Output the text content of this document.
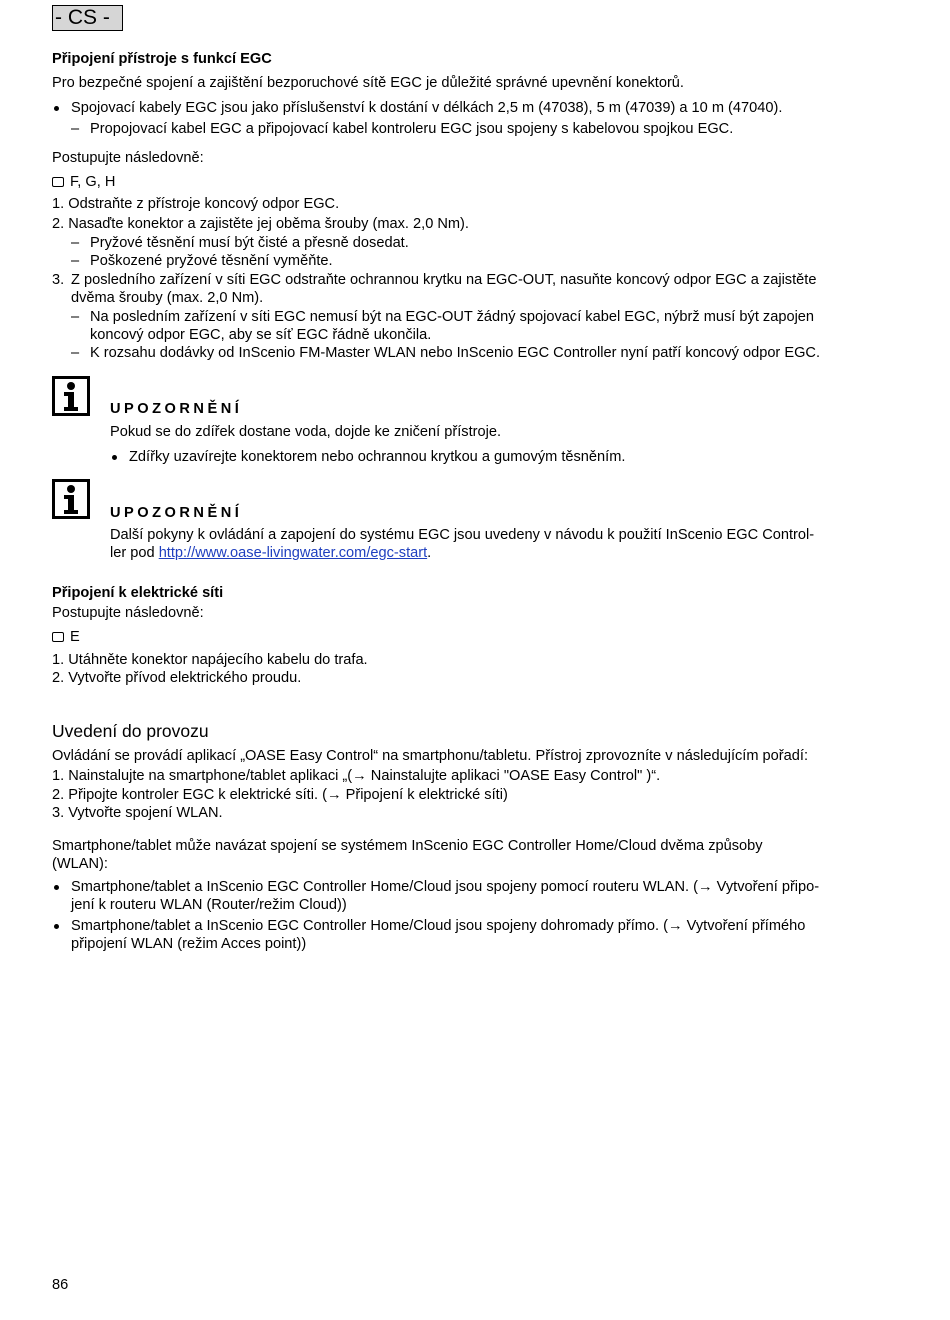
- CS -
Připojení přístroje s funkcí EGC
Pro bezpečné spojení a zajištění bezporuchové sítě EGC je důležité správné upevnění konektorů.
Spojovací kabely EGC jsou jako příslušenství k dostání v délkách 2,5 m (47038), 5 m (47039) a 10 m (47040).
– Propojovací kabel EGC a připojovací kabel kontroleru EGC jsou spojeny s kabelovou spojkou EGC.
Postupujte následovně:
F, G, H
1. Odstraňte z přístroje koncový odpor EGC.
2. Nasaďte konektor a zajistěte jej oběma šrouby (max. 2,0 Nm).
– Pryžové těsnění musí být čisté a přesně dosedat.
– Poškozené pryžové těsnění vyměňte.
3. Z posledního zařízení v síti EGC odstraňte ochrannou krytku na EGC-OUT, nasuňte koncový odpor EGC a zajistěte
dvěma šrouby (max. 2,0 Nm).
– Na posledním zařízení v síti EGC nemusí být na EGC-OUT žádný spojovací kabel EGC, nýbrž musí být zapojen
koncový odpor EGC, aby se síť EGC řádně ukončila.
– K rozsahu dodávky od InScenio FM-Master WLAN nebo InScenio EGC Controller nyní patří koncový odpor EGC.
UPOZORNĚNÍ
Pokud se do zdířek dostane voda, dojde ke zničení přístroje.
Zdířky uzavírejte konektorem nebo ochrannou krytkou a gumovým těsněním.
UPOZORNĚNÍ
Další pokyny k ovládání a zapojení do systému EGC jsou uvedeny v návodu k použití InScenio EGC Control-
ler pod http://www.oase-livingwater.com/egc-start.
Připojení k elektrické síti
Postupujte následovně:
E
1. Utáhněte konektor napájecího kabelu do trafa.
2. Vytvořte přívod elektrického proudu.
Uvedení do provozu
Ovládání se provádí aplikací „OASE Easy Control“ na smartphonu/tabletu. Přístroj zprovozníte v následujícím pořadí:
1. Nainstalujte na smartphone/tablet aplikaci „(→ Nainstalujte aplikaci "OASE Easy Control" )“.
2. Připojte kontroler EGC k elektrické síti. (→ Připojení k elektrické síti)
3. Vytvořte spojení WLAN.
Smartphone/tablet může navázat spojení se systémem InScenio EGC Controller Home/Cloud dvěma způsoby
(WLAN):
Smartphone/tablet a InScenio EGC Controller Home/Cloud jsou spojeny pomocí routeru WLAN. (→ Vytvoření připo-
jení k routeru WLAN (Router/režim Cloud))
Smartphone/tablet a InScenio EGC Controller Home/Cloud jsou spojeny dohromady přímo. (→ Vytvoření přímého
připojení WLAN (režim Acces point))
86
